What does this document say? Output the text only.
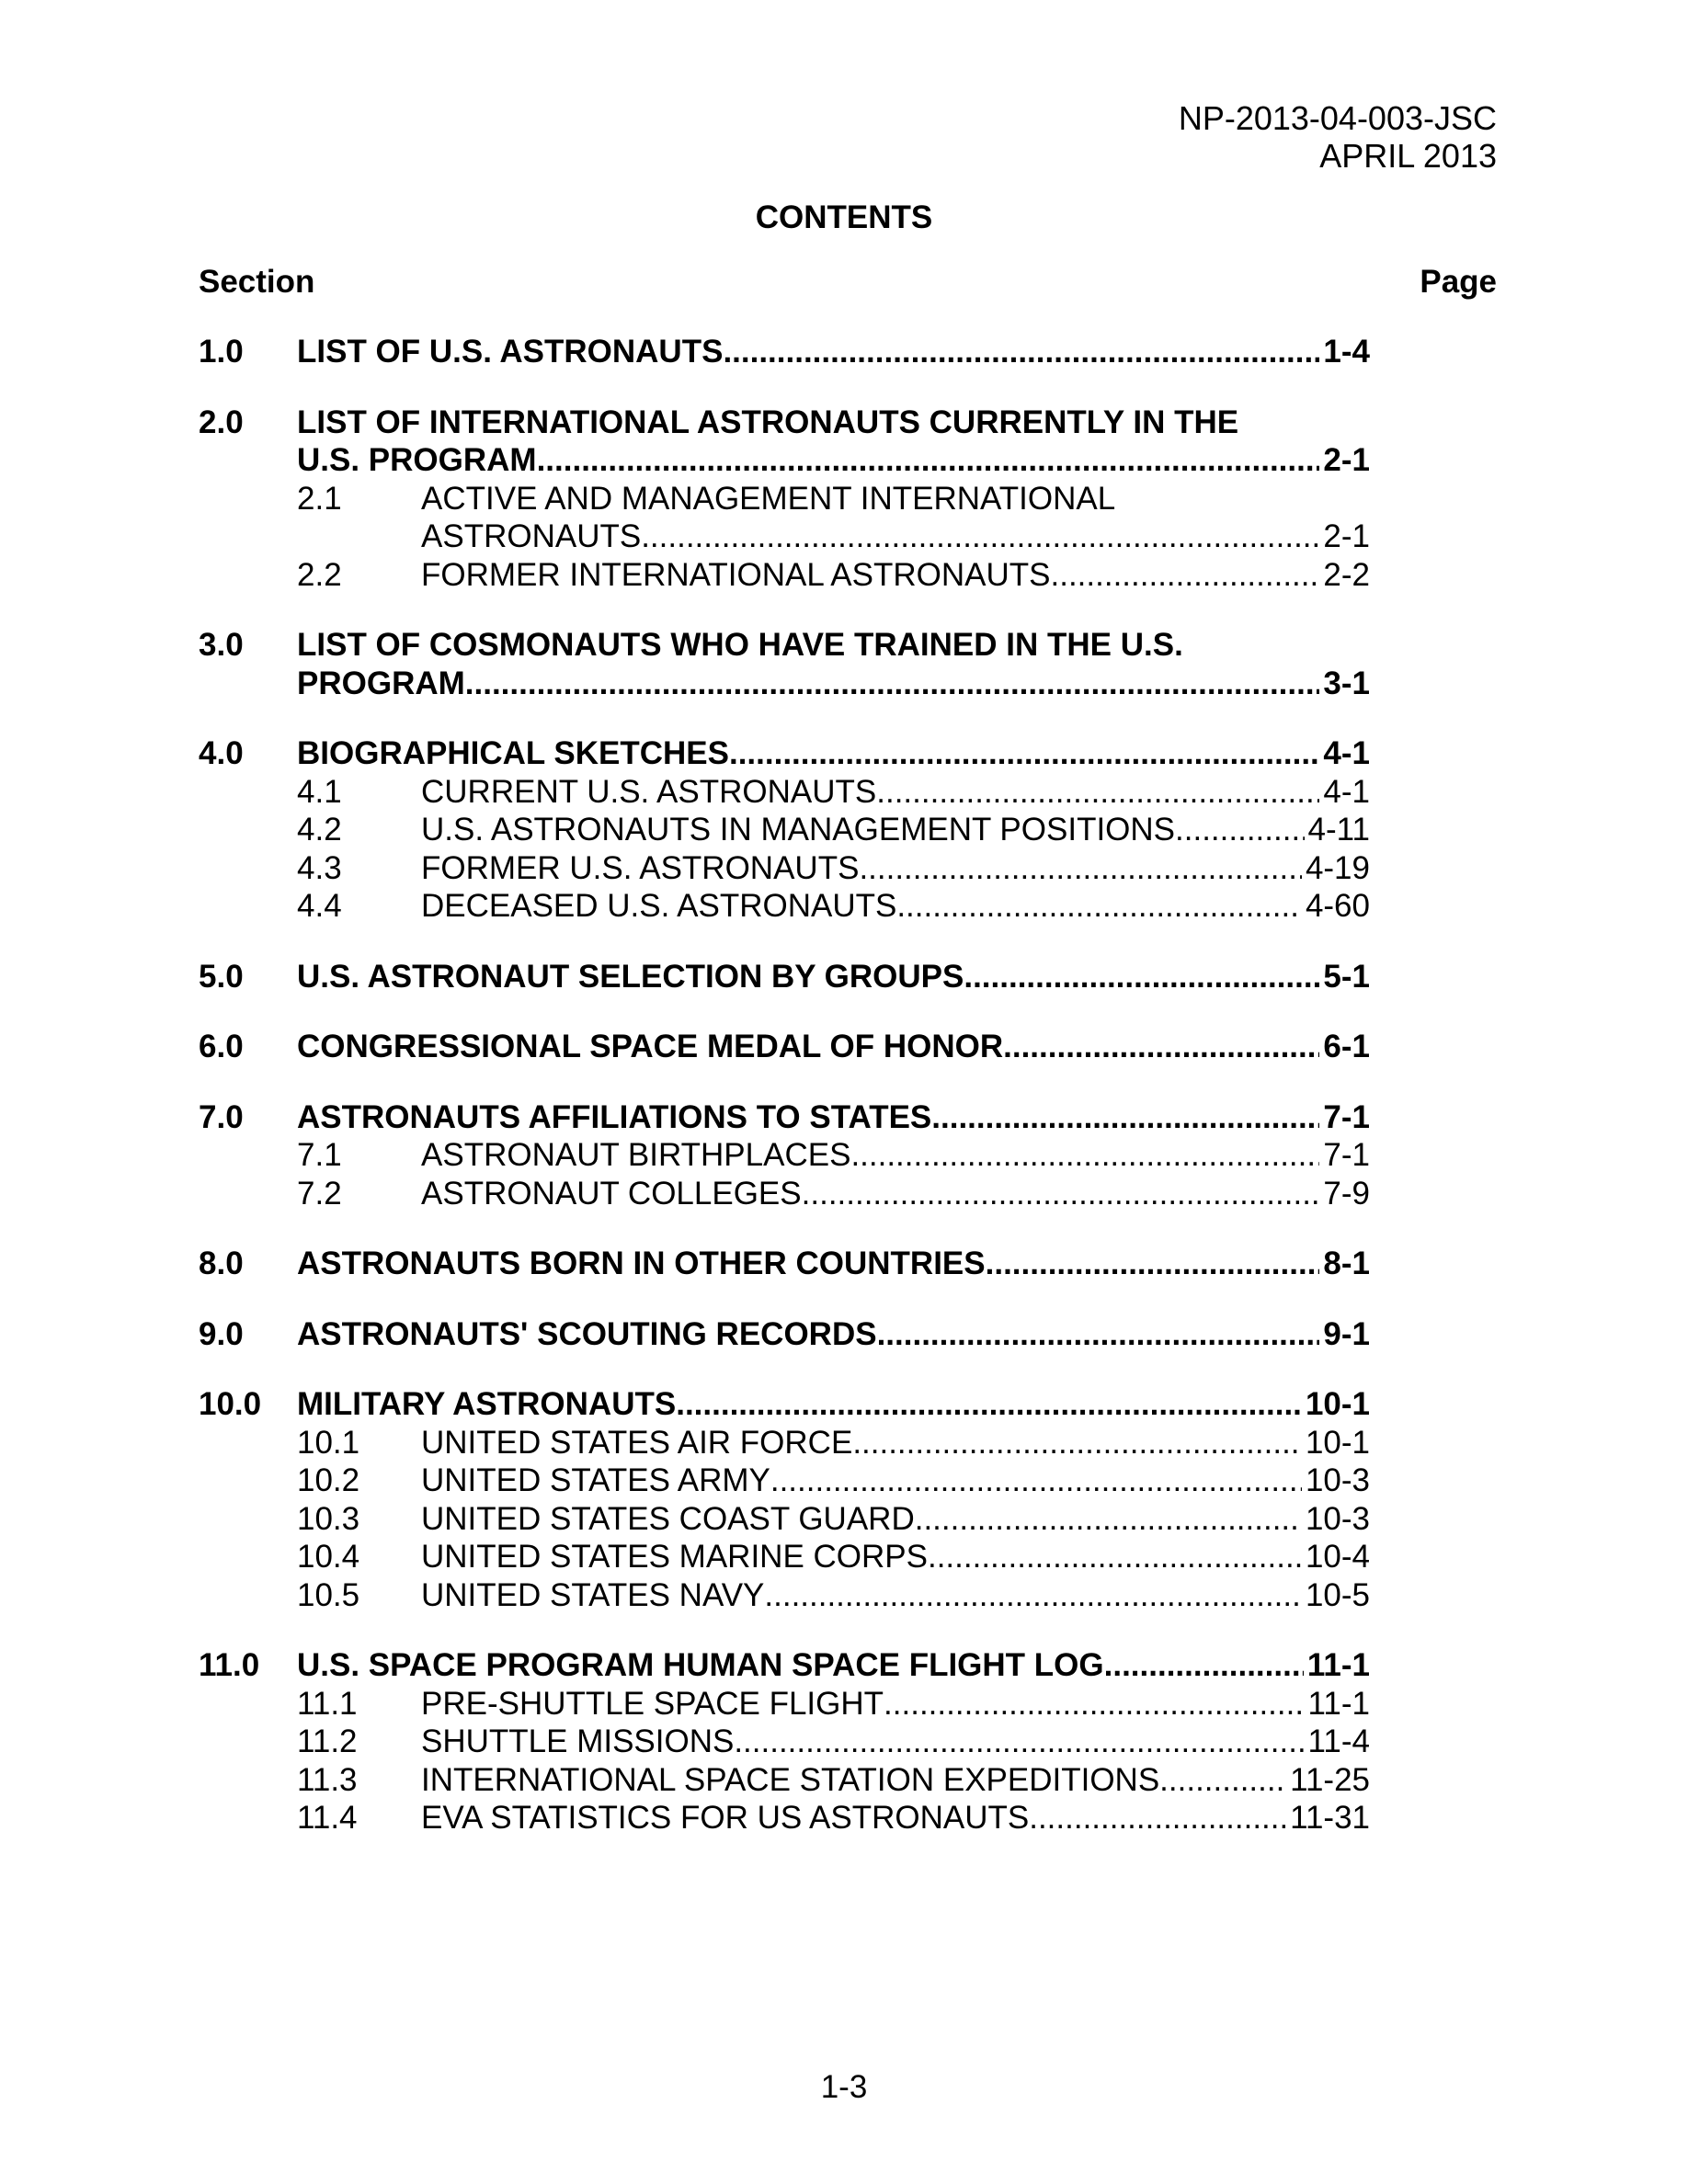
NP-2013-04-003-JSC
APRIL 2013
CONTENTS
Section	Page
1.0 LIST OF U.S. ASTRONAUTS .....	1-4
2.0 LIST OF INTERNATIONAL ASTRONAUTS CURRENTLY IN THE
U.S. PROGRAM .....	2-1
2.1 ACTIVE AND MANAGEMENT INTERNATIONAL
ASTRONAUTS .....	2-1
2.2 FORMER INTERNATIONAL ASTRONAUTS .....	2-2
3.0 LIST OF COSMONAUTS WHO HAVE TRAINED IN THE U.S.
PROGRAM .....	3-1
4.0 BIOGRAPHICAL SKETCHES .....	4-1
4.1 CURRENT U.S. ASTRONAUTS .....	4-1
4.2 U.S. ASTRONAUTS IN MANAGEMENT POSITIONS .....	4-11
4.3 FORMER U.S. ASTRONAUTS .....	4-19
4.4 DECEASED U.S. ASTRONAUTS .....	4-60
5.0 U.S. ASTRONAUT SELECTION BY GROUPS .....	5-1
6.0 CONGRESSIONAL SPACE MEDAL OF HONOR .....	6-1
7.0 ASTRONAUTS AFFILIATIONS TO STATES .....	7-1
7.1 ASTRONAUT BIRTHPLACES .....	7-1
7.2 ASTRONAUT COLLEGES .....	7-9
8.0 ASTRONAUTS BORN IN OTHER COUNTRIES .....	8-1
9.0 ASTRONAUTS' SCOUTING RECORDS .....	9-1
10.0 MILITARY ASTRONAUTS .....	10-1
10.1 UNITED STATES AIR FORCE .....	10-1
10.2 UNITED STATES ARMY .....	10-3
10.3 UNITED STATES COAST GUARD .....	10-3
10.4 UNITED STATES MARINE CORPS .....	10-4
10.5 UNITED STATES NAVY .....	10-5
11.0 U.S. SPACE PROGRAM HUMAN SPACE FLIGHT LOG .....	11-1
11.1 PRE-SHUTTLE SPACE FLIGHT .....	11-1
11.2 SHUTTLE MISSIONS .....	11-4
11.3 INTERNATIONAL SPACE STATION EXPEDITIONS .....	11-25
11.4 EVA STATISTICS FOR US ASTRONAUTS .....	11-31
1-3
